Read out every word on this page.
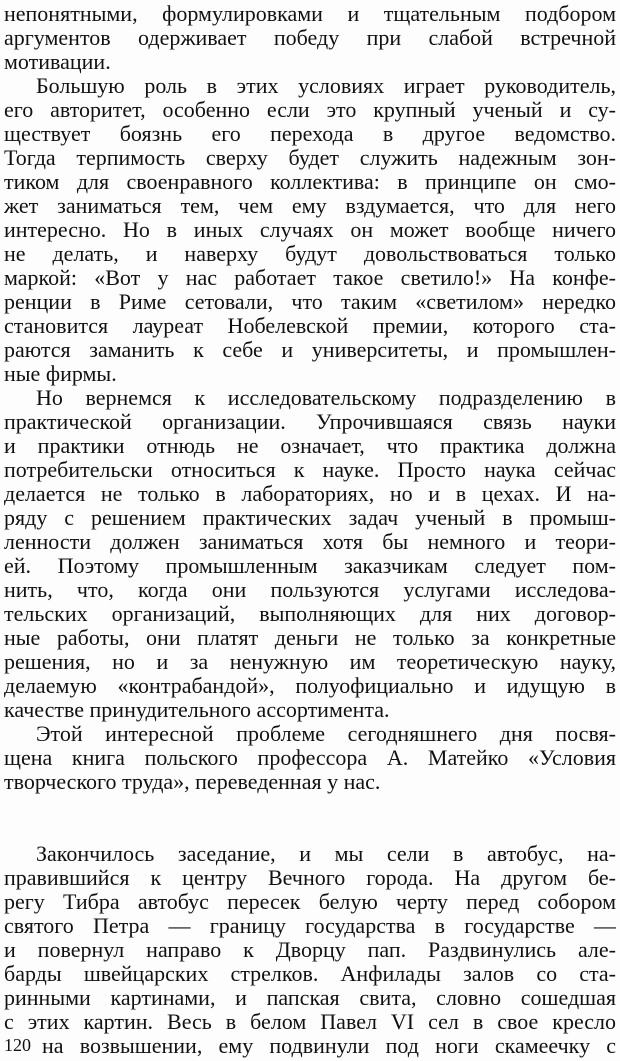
непонятными, формулировками и тщательным подбором
аргументов одерживает победу при слабой встречной
мотивации.
Большую роль в этих условиях играет руководитель,
его авторитет, особенно если это крупный ученый и су-
ществует боязнь его перехода в другое ведомство.
Тогда терпимость сверху будет служить надежным зон-
тиком для своенравного коллектива: в принципе он смо-
жет заниматься тем, чем ему вздумается, что для него
интересно. Но в иных случаях он может вообще ничего
не делать, и наверху будут довольствоваться только
маркой: «Вот у нас работает такое светило!» На конфе-
ренции в Риме сетовали, что таким «светилом» нередко
становится лауреат Нобелевской премии, которого ста-
раются заманить к себе и университеты, и промышлен-
ные фирмы.
Но вернемся к исследовательскому подразделению в
практической организации. Упрочившаяся связь науки
и практики отнюдь не означает, что практика должна
потребительски относиться к науке. Просто наука сейчас
делается не только в лабораториях, но и в цехах. И на-
ряду с решением практических задач ученый в промыш-
ленности должен заниматься хотя бы немного и теори-
ей. Поэтому промышленным заказчикам следует пом-
нить, что, когда они пользуются услугами исследова-
тельских организаций, выполняющих для них договор-
ные работы, они платят деньги не только за конкретные
решения, но и за ненужную им теоретическую науку,
делаемую «контрабандой», полуофициально и идущую в
качестве принудительного ассортимента.
Этой интересной проблеме сегодняшнего дня посвя-
щена книга польского профессора А. Матейко «Условия
творческого труда», переведенная у нас.
Закончилось заседание, и мы сели в автобус, на-
правившийся к центру Вечного города. На другом бе-
регу Тибра автобус пересек белую черту перед собором
святого Петра — границу государства в государстве —
и повернул направо к Дворцу пап. Раздвинулись але-
барды швейцарских стрелков. Анфилады залов со ста-
ринными картинами, и папская свита, словно сошедшая
с этих картин. Весь в белом Павел VI сел в свое кресло
на возвышении, ему подвинули под ноги скамеечку с
120
